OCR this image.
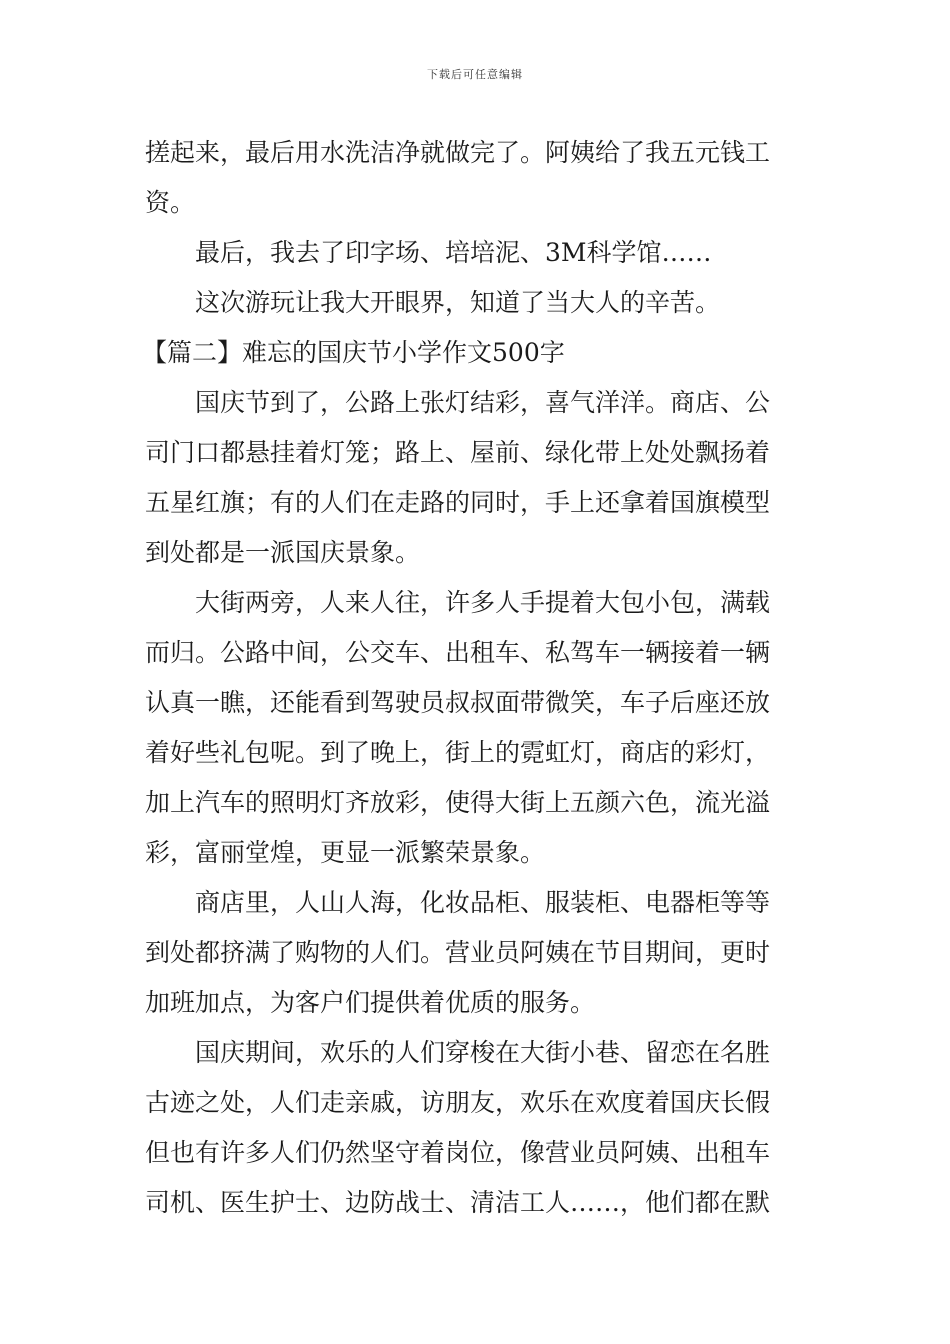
下载后可任意编辑
搓起来，最后用水洗洁净就做完了。阿姨给了我五元钱工
资。
最后，我去了印字场、培培泥、3M科学馆……
这次游玩让我大开眼界，知道了当大人的辛苦。
【篇二】难忘的国庆节小学作文500字
国庆节到了，公路上张灯结彩，喜气洋洋。商店、公
司门口都悬挂着灯笼；路上、屋前、绿化带上处处飘扬着
五星红旗；有的人们在走路的同时，手上还拿着国旗模型
到处都是一派国庆景象。
大街两旁，人来人往，许多人手提着大包小包，满载
而归。公路中间，公交车、出租车、私驾车一辆接着一辆
认真一瞧，还能看到驾驶员叔叔面带微笑，车子后座还放
着好些礼包呢。到了晚上，街上的霓虹灯，商店的彩灯，
加上汽车的照明灯齐放彩，使得大街上五颜六色，流光溢
彩，富丽堂煌，更显一派繁荣景象。
商店里，人山人海，化妆品柜、服装柜、电器柜等等
到处都挤满了购物的人们。营业员阿姨在节目期间，更时
加班加点，为客户们提供着优质的服务。
国庆期间，欢乐的人们穿梭在大街小巷、留恋在名胜
古迹之处，人们走亲戚，访朋友，欢乐在欢度着国庆长假
但也有许多人们仍然坚守着岗位，像营业员阿姨、出租车
司机、医生护士、边防战士、清洁工人……，他们都在默
